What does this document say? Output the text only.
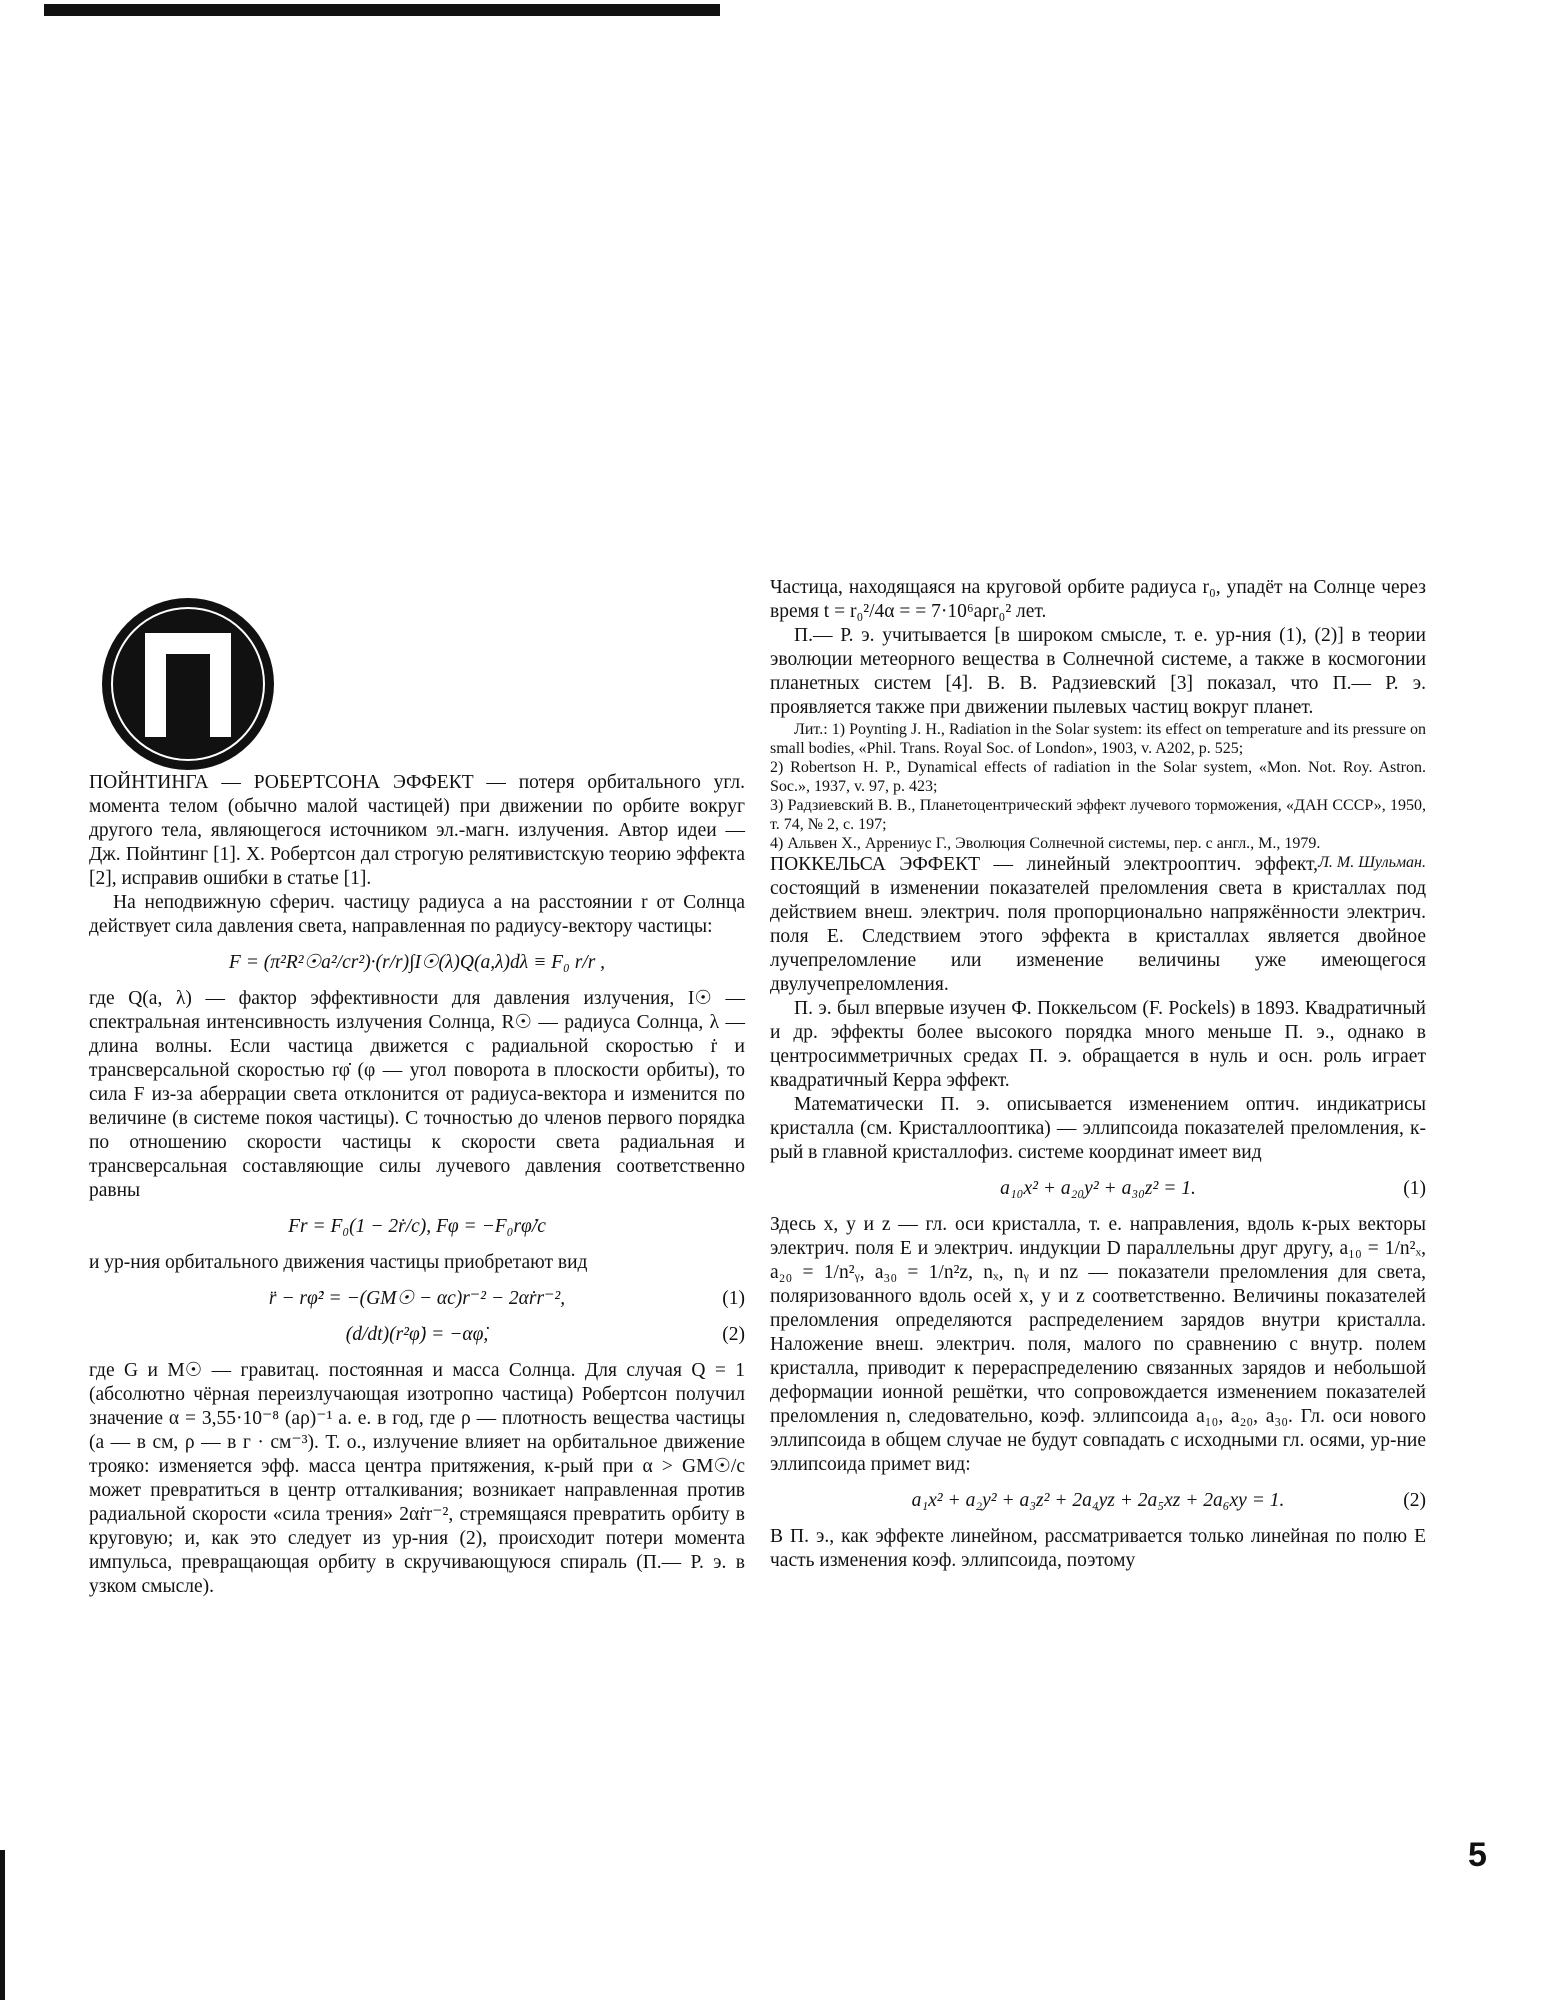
ПОЙНТИНГА — РОБЕРТСОНА ЭФФЕКТ — потеря орбитального угл. момента телом (обычно малой частицей) при движении по орбите вокруг другого тела, являющегося источником эл.-магн. излучения. Автор идеи — Дж. Пойнтинг [1]. Х. Робертсон дал строгую релятивистскую теорию эффекта [2], исправив ошибки в статье [1].

На неподвижную сферич. частицу радиуса a на расстоянии r от Солнца действует сила давления света, направленная по радиусу-вектору частицы:

F = (π²R²☉a²/cr²)·(r/r)∫I☉(λ)Q(a,λ)dλ ≡ F₀ r/r ,

где Q(a, λ) — фактор эффективности для давления излучения, I☉ — спектральная интенсивность излучения Солнца, R☉ — радиуса Солнца, λ — длина волны. Если частица движется с радиальной скоростью ṙ и трансверсальной скоростью rφ̇ (φ — угол поворота в плоскости орбиты), то сила F из-за аберрации света отклонится от радиуса-вектора и изменится по величине (в системе покоя частицы). С точностью до членов первого порядка по отношению скорости частицы к скорости света радиальная и трансверсальная составляющие силы лучевого давления соответственно равны

Fr = F₀(1 − 2ṙ/c), Fφ = −F₀rφ̇/c

и ур-ния орбитального движения частицы приобретают вид

r̈ − rφ̇² = −(GM☉ − αc)r⁻² − 2αṙr⁻²,	(1)
(d/dt)(r²φ̇) = −αφ̇,	(2)

где G и M☉ — гравитац. постоянная и масса Солнца. Для случая Q = 1 (абсолютно чёрная переизлучающая изотропно частица) Робертсон получил значение α = 3,55·10⁻⁸ (aρ)⁻¹ а. е. в год, где ρ — плотность вещества частицы (a — в см, ρ — в г · см⁻³). Т. о., излучение влияет на орбитальное движение трояко: изменяется эфф. масса центра притяжения, к-рый при α > GM☉/c может превратиться в центр отталкивания; возникает направленная против радиальной скорости «сила трения» 2αṙr⁻², стремящаяся превратить орбиту в круговую; и, как это следует из ур-ния (2), происходит потери момента импульса, превращающая орбиту в скручивающуюся спираль (П.— Р. э. в узком смысле).

Частица, находящаяся на круговой орбите радиуса r₀, упадёт на Солнце через время t = r₀²/4α = = 7·10⁶aρr₀² лет.

П.— Р. э. учитывается [в широком смысле, т. е. ур-ния (1), (2)] в теории эволюции метеорного вещества в Солнечной системе, а также в космогонии планетных систем [4]. В. В. Радзиевский [3] показал, что П.— Р. э. проявляется также при движении пылевых частиц вокруг планет.

Лит.: 1) Poynting J. H., Radiation in the Solar system: its effect on temperature and its pressure on small bodies, «Phil. Trans. Royal Soc. of London», 1903, v. A202, p. 525;

2) Robertson H. P., Dynamical effects of radiation in the Solar system, «Mon. Not. Roy. Astron. Soc.», 1937, v. 97, p. 423;

3) Радзиевский В. В., Планетоцентрический эффект лучевого торможения, «ДАН СССР», 1950, т. 74, № 2, с. 197;

4) Альвен Х., Аррениус Г., Эволюция Солнечной системы, пер. с англ., М., 1979.
Л. М. Шульман.

ПОККЕЛЬСА ЭФФЕКТ — линейный электрооптич. эффект, состоящий в изменении показателей преломления света в кристаллах под действием внеш. электрич. поля пропорционально напряжённости электрич. поля E. Следствием этого эффекта в кристаллах является двойное лучепреломление или изменение величины уже имеющегося двулучепреломления.

П. э. был впервые изучен Ф. Поккельсом (F. Pockels) в 1893. Квадратичный и др. эффекты более высокого порядка много меньше П. э., однако в центросимметричных средах П. э. обращается в нуль и осн. роль играет квадратичный Керра эффект.

Математически П. э. описывается изменением оптич. индикатрисы кристалла (см. Кристаллооптика) — эллипсоида показателей преломления, к-рый в главной кристаллофиз. системе координат имеет вид

a₁₀x² + a₂₀y² + a₃₀z² = 1.	(1)

Здесь x, y и z — гл. оси кристалла, т. е. направления, вдоль к-рых векторы электрич. поля E и электрич. индукции D параллельны друг другу, a₁₀ = 1/n²ₓ, a₂₀ = 1/n²ᵧ, a₃₀ = 1/n²z, nₓ, nᵧ и nz — показатели преломления для света, поляризованного вдоль осей x, y и z соответственно. Величины показателей преломления определяются распределением зарядов внутри кристалла. Наложение внеш. электрич. поля, малого по сравнению с внутр. полем кристалла, приводит к перераспределению связанных зарядов и небольшой деформации ионной решётки, что сопровождается изменением показателей преломления n, следовательно, коэф. эллипсоида a₁₀, a₂₀, a₃₀. Гл. оси нового эллипсоида в общем случае не будут совпадать с исходными гл. осями, ур-ние эллипсоида примет вид:

a₁x² + a₂y² + a₃z² + 2a₄yz + 2a₅xz + 2a₆xy = 1.	(2)

В П. э., как эффекте линейном, рассматривается только линейная по полю E часть изменения коэф. эллипсоида, поэтому

5
